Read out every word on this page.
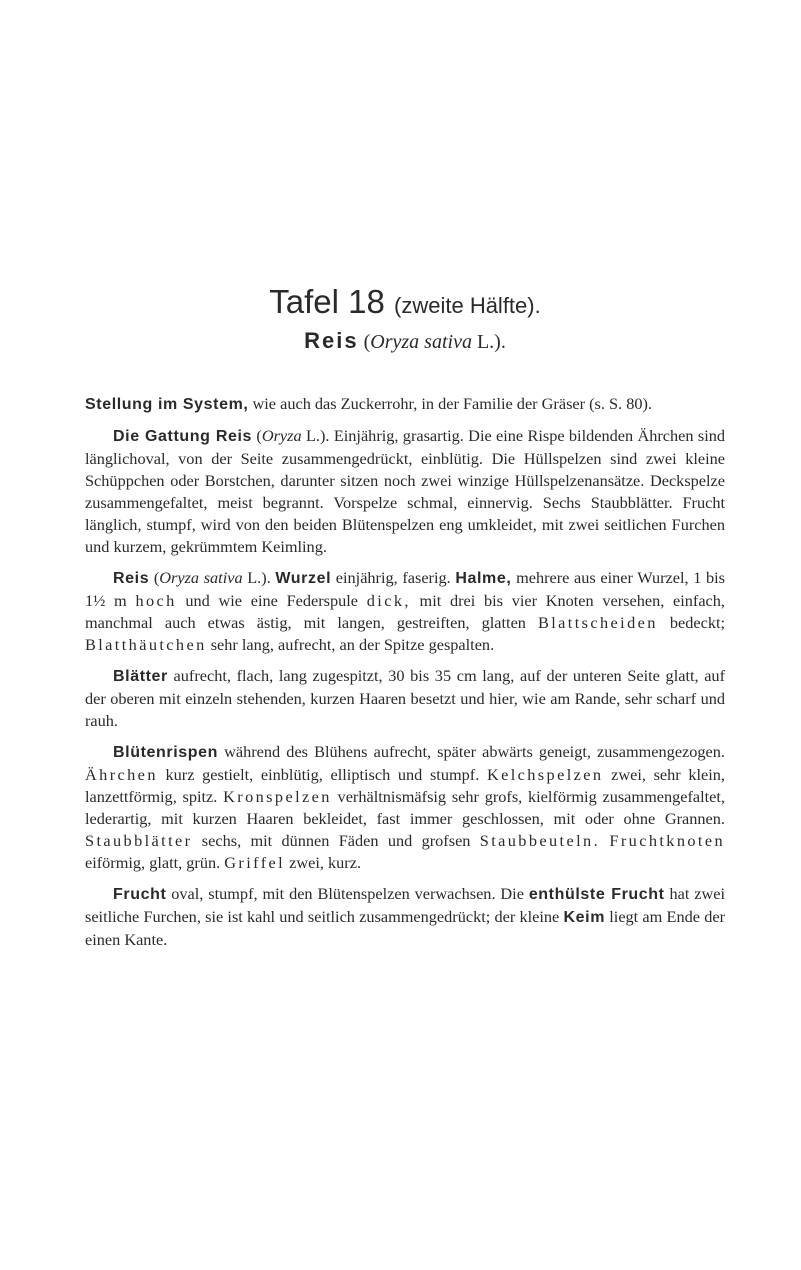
Tafel 18 (zweite Hälfte).
Reis (Oryza sativa L.).

Stellung im System, wie auch das Zuckerrohr, in der Familie der Gräser (s. S. 80).

Die Gattung Reis (Oryza L.). Einjährig, grasartig. Die eine Rispe bildenden Ährchen sind länglichoval, von der Seite zusammengedrückt, einblütig. Die Hüllspelzen sind zwei kleine Schüppchen oder Borstchen, darunter sitzen noch zwei winzige Hüllspelzenansätze. Deckspelze zusammengefaltet, meist begrannt. Vorspelze schmal, einnervig. Sechs Staubblätter. Frucht länglich, stumpf, wird von den beiden Blütenspelzen eng umkleidet, mit zwei seitlichen Furchen und kurzem, gekrümmtem Keimling.

Reis (Oryza sativa L.). Wurzel einjährig, faserig. Halme, mehrere aus einer Wurzel, 1 bis 1½ m hoch und wie eine Federspule dick, mit drei bis vier Knoten versehen, einfach, manchmal auch etwas ästig, mit langen, gestreiften, glatten Blattscheiden bedeckt; Blatthäutchen sehr lang, aufrecht, an der Spitze gespalten.

Blätter aufrecht, flach, lang zugespitzt, 30 bis 35 cm lang, auf der unteren Seite glatt, auf der oberen mit einzeln stehenden, kurzen Haaren besetzt und hier, wie am Rande, sehr scharf und rauh.

Blütenrispen während des Blühens aufrecht, später abwärts geneigt, zusammengezogen. Ährchen kurz gestielt, einblütig, elliptisch und stumpf. Kelchspelzen zwei, sehr klein, lanzettförmig, spitz. Kronspelzen verhältnismäfsig sehr grofs, kielförmig zusammengefaltet, lederartig, mit kurzen Haaren bekleidet, fast immer geschlossen, mit oder ohne Grannen. Staubblätter sechs, mit dünnen Fäden und grofsen Staubbeuteln. Fruchtknoten eiförmig, glatt, grün. Griffel zwei, kurz.

Frucht oval, stumpf, mit den Blütenspelzen verwachsen. Die enthülste Frucht hat zwei seitliche Furchen, sie ist kahl und seitlich zusammengedrückt; der kleine Keim liegt am Ende der einen Kante.
